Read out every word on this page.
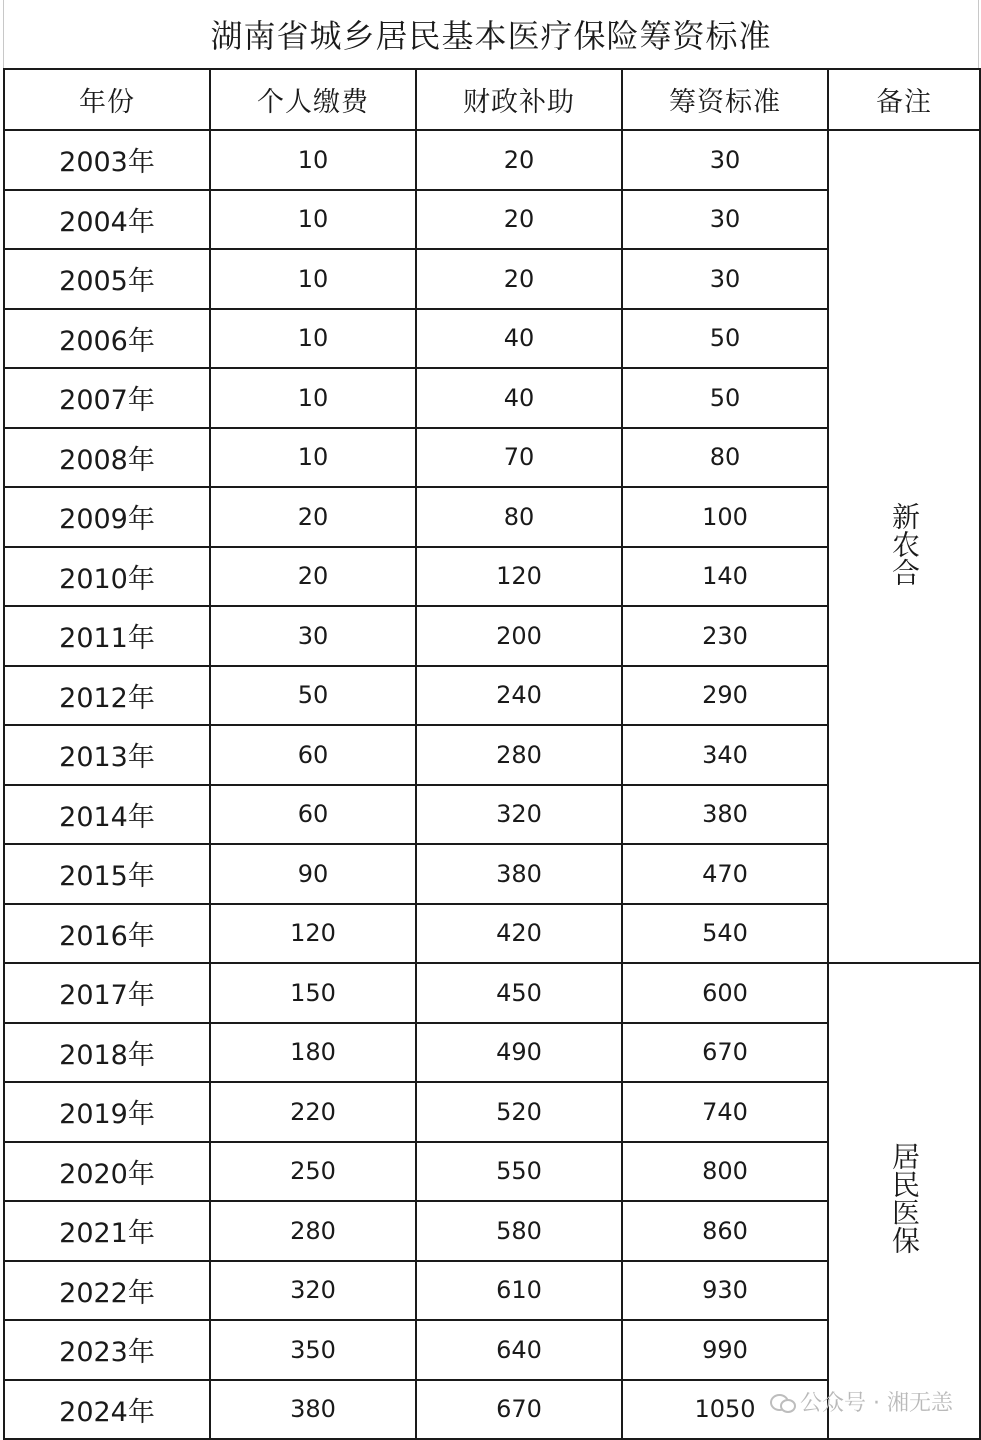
湖南省城乡居民基本医疗保险筹资标准
年份	个人缴费	财政补助	筹资标准	备注
2003年	10	20	30	新农合
2004年	10	20	30	
2005年	10	20	30	
2006年	10	40	50	
2007年	10	40	50	
2008年	10	70	80	
2009年	20	80	100	
2010年	20	120	140	
2011年	30	200	230	
2012年	50	240	290	
2013年	60	280	340	
2014年	60	320	380	
2015年	90	380	470	
2016年	120	420	540	
2017年	150	450	600	居民医保
2018年	180	490	670	
2019年	220	520	740	
2020年	250	550	800	
2021年	280	580	860	
2022年	320	610	930	
2023年	350	640	990	
2024年	380	670	1050	公众号 · 湘无恙
